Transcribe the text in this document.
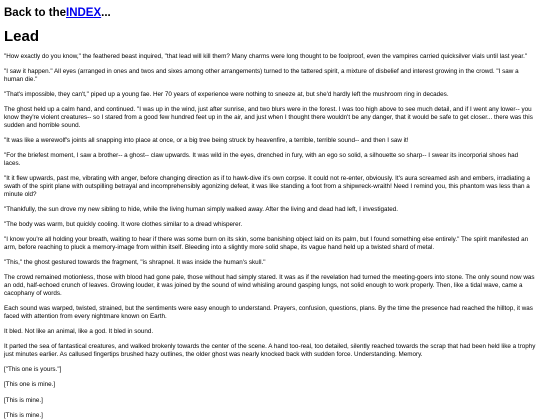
Back to theINDEX...
Lead

"How exactly do you know," the feathered beast inquired, "that lead will kill them? Many charms were long thought to be foolproof, even the vampires carried quicksilver vials until last year."

"I saw it happen." All eyes (arranged in ones and twos and sixes among other arrangements) turned to the tattered spirit, a mixture of disbelief and interest growing in the crowd. "I saw a human die."

"That's impossible, they can't," piped up a young fae. Her 70 years of experience were nothing to sneeze at, but she'd hardly left the mushroom ring in decades.

The ghost held up a calm hand, and continued. "I was up in the wind, just after sunrise, and two blurs were in the forest. I was too high above to see much detail, and if I went any lower-- you know they're violent creatures-- so I stared from a good few hundred feet up in the air, and just when I thought there wouldn't be any danger, that it would be safe to get closer... there was this sudden and horrible sound.

"It was like a werewolf's joints all snapping into place at once, or a big tree being struck by heavenfire, a terrible, terrible sound-- and then I saw it!

"For the briefest moment, I saw a brother-- a ghost-- claw upwards. It was wild in the eyes, drenched in fury, with an ego so solid, a silhouette so sharp-- I swear its incorporial shoes had laces.

"It it flew upwards, past me, vibrating with anger, before changing direction as if to hawk-dive it's own corpse. It could not re-enter, obviously. It's aura screamed ash and embers, irradiating a swath of the spirit plane with outspilling betrayal and incomprehensibly agonizing defeat, it was like standing a foot from a shipwreck-wraith! Need I remind you, this phantom was less than a minute old?

"Thankfully, the sun drove my new sibling to hide, while the living human simply walked away. After the living and dead had left, I investigated.

"The body was warm, but quickly cooling. It wore clothes similar to a dread whisperer.

"I know you're all holding your breath, waiting to hear if there was some burn on its skin, some banishing object laid on its palm, but I found something else entirely." The spirit manifested an arm, before reaching to pluck a memory-image from within itself. Bleeding into a slightly more solid shape, its vague hand held up a twisted shard of metal.

"This," the ghost gestured towards the fragment, "is shrapnel. It was inside the human's skull."

The crowd remained motionless, those with blood had gone pale, those without had simply stared. It was as if the revelation had turned the meeting-goers into stone. The only sound now was an odd, half-echoed crunch of leaves. Growing louder, it was joined by the sound of wind whisling around gasping lungs, not solid enough to work properly. Then, like a tidal wave, came a cacophany of words.

Each sound was warped, twisted, strained, but the sentiments were easy enough to understand. Prayers, confusion, questions, plans. By the time the presence had reached the hilltop, it was faced with attention from every nightmare known on Earth.

It bled. Not like an animal, like a god. It bled in sound.

It parted the sea of fantastical creatures, and walked brokenly towards the center of the scene. A hand too-real, too detailed, silently reached towards the scrap that had been held like a trophy just minutes earlier. As callused fingertips brushed hazy outlines, the older ghost was nearly knocked back with sudden force. Understanding. Memory.

["This one is yours."]

[This one is mine.]

[This is mine.]

[This is mine.]
